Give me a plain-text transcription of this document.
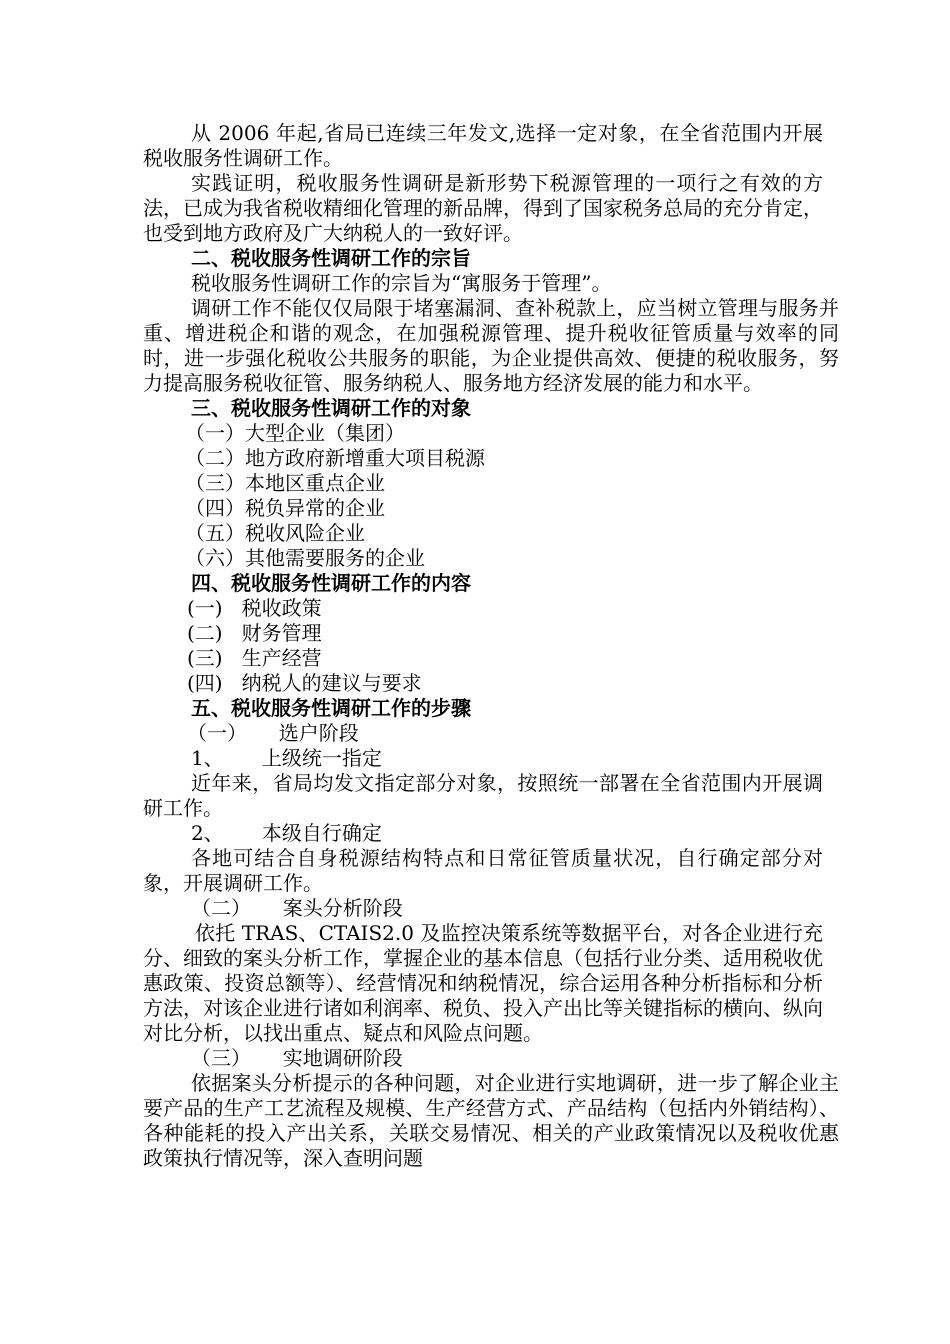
从 2006 年起,省局已连续三年发文,选择一定对象，在全省范围内开展税收服务性调研工作。

实践证明，税收服务性调研是新形势下税源管理的一项行之有效的方法，已成为我省税收精细化管理的新品牌，得到了国家税务总局的充分肯定，也受到地方政府及广大纳税人的一致好评。

二、税收服务性调研工作的宗旨

税收服务性调研工作的宗旨为“寓服务于管理”。

调研工作不能仅仅局限于堵塞漏洞、查补税款上，应当树立管理与服务并重、增进税企和谐的观念，在加强税源管理、提升税收征管质量与效率的同时，进一步强化税收公共服务的职能，为企业提供高效、便捷的税收服务，努力提高服务税收征管、服务纳税人、服务地方经济发展的能力和水平。

三、税收服务性调研工作的对象
（一）大型企业（集团）
（二）地方政府新增重大项目税源
（三）本地区重点企业
（四）税负异常的企业
（五）税收风险企业
（六）其他需要服务的企业
四、税收服务性调研工作的内容
(一)   税收政策
(二)   财务管理
(三)   生产经营
(四)   纳税人的建议与要求
五、税收服务性调研工作的步骤
（一）     选户阶段
1、      上级统一指定

近年来，省局均发文指定部分对象，按照统一部署在全省范围内开展调研工作。

2、      本级自行确定

各地可结合自身税源结构特点和日常征管质量状况，自行确定部分对象，开展调研工作。

（二）     案头分析阶段

依托 TRAS、CTAIS2.0 及监控决策系统等数据平台，对各企业进行充分、细致的案头分析工作，掌握企业的基本信息（包括行业分类、适用税收优惠政策、投资总额等）、经营情况和纳税情况，综合运用各种分析指标和分析方法，对该企业进行诸如利润率、税负、投入产出比等关键指标的横向、纵向对比分析，以找出重点、疑点和风险点问题。

（三）     实地调研阶段

依据案头分析提示的各种问题，对企业进行实地调研，进一步了解企业主要产品的生产工艺流程及规模、生产经营方式、产品结构（包括内外销结构）、各种能耗的投入产出关系，关联交易情况、相关的产业政策情况以及税收优惠政策执行情况等，深入查明问题
